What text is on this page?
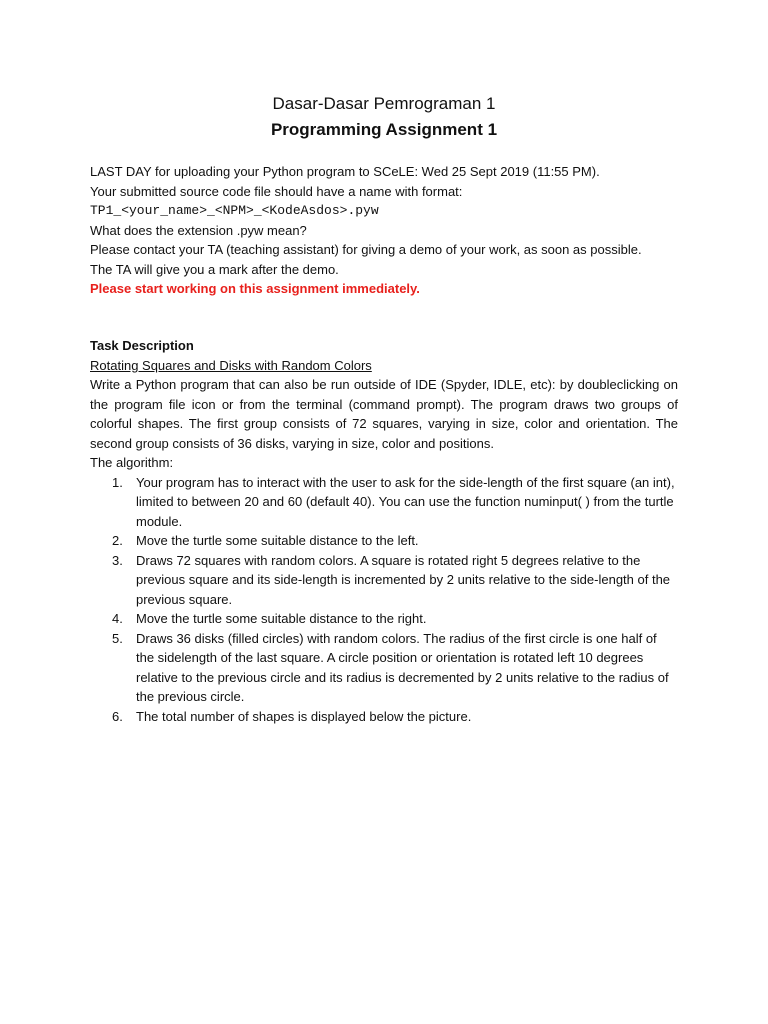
Dasar-Dasar Pemrograman 1
Programming Assignment 1

LAST DAY for uploading your Python program to SCeLE: Wed 25 Sept 2019 (11:55 PM).

Your submitted source code file should have a name with format:

TP1_<your_name>_<NPM>_<KodeAsdos>.pyw

What does the extension .pyw mean?

Please contact your TA (teaching assistant) for giving a demo of your work, as soon as possible.

The TA will give you a mark after the demo.

Please start working on this assignment immediately.

Task Description

Rotating Squares and Disks with Random Colors

Write a Python program that can also be run outside of IDE (Spyder, IDLE, etc): by doubleclicking on the program file icon or from the terminal (command prompt). The program draws two groups of colorful shapes. The first group consists of 72 squares, varying in size, color and orientation. The second group consists of 36 disks, varying in size, color and positions.

The algorithm:

1. Your program has to interact with the user to ask for the side-length of the first square (an int), limited to between 20 and 60 (default 40). You can use the function numinput( ) from the turtle module.
2. Move the turtle some suitable distance to the left.
3. Draws 72 squares with random colors. A square is rotated right 5 degrees relative to the previous square and its side-length is incremented by 2 units relative to the side-length of the previous square.
4. Move the turtle some suitable distance to the right.
5. Draws 36 disks (filled circles) with random colors. The radius of the first circle is one half of the sidelength of the last square. A circle position or orientation is rotated left 10 degrees relative to the previous circle and its radius is decremented by 2 units relative to the radius of the previous circle.
6. The total number of shapes is displayed below the picture.
